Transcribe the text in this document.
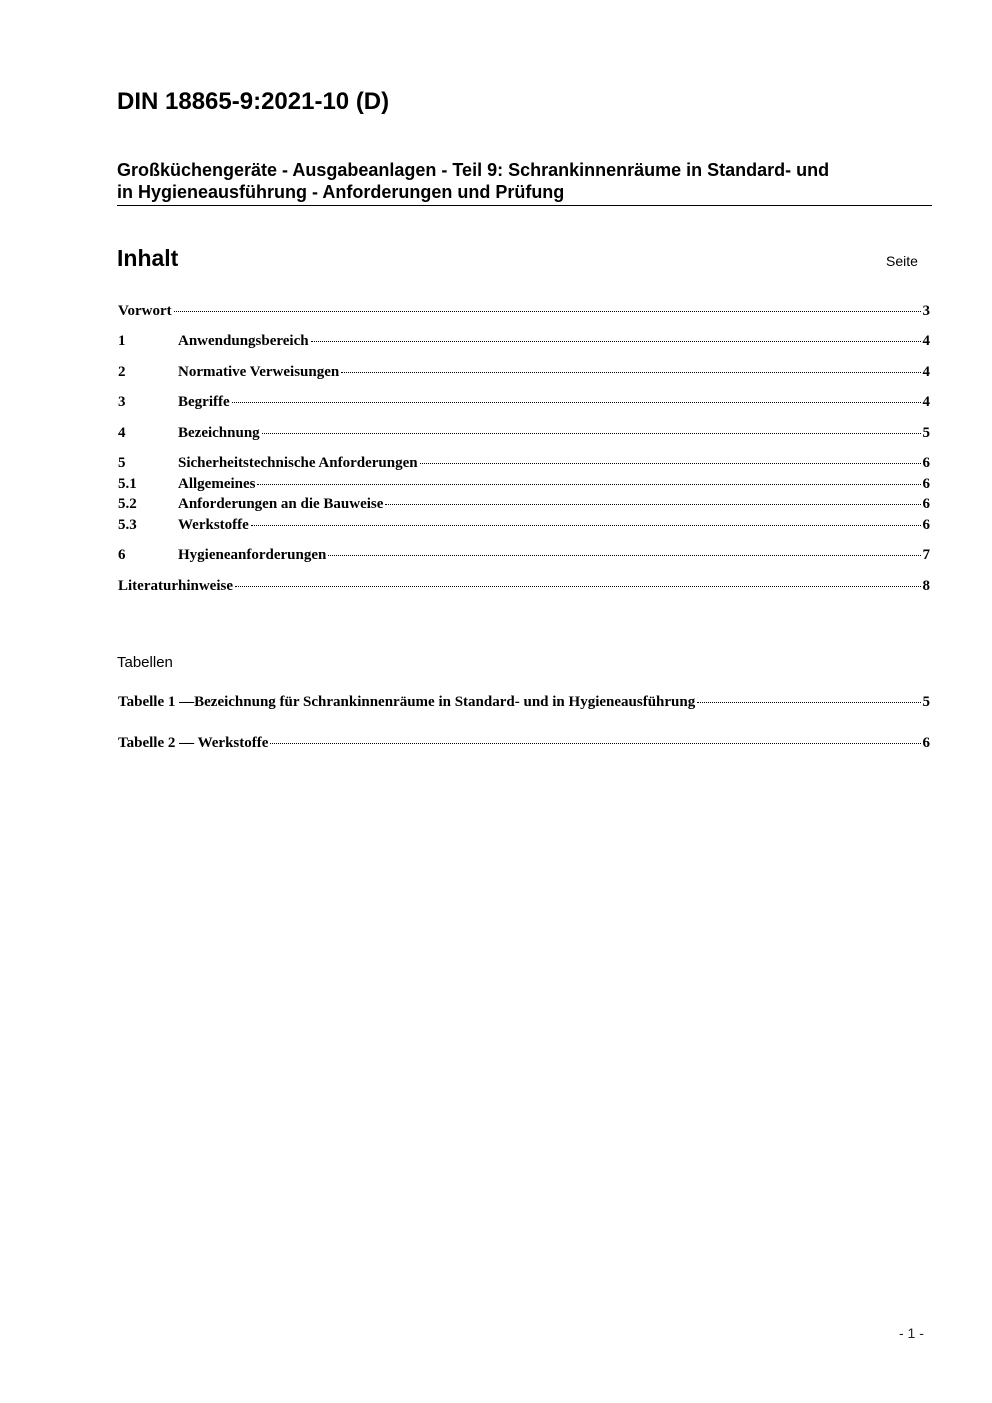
DIN 18865-9:2021-10 (D)
Großküchengeräte - Ausgabeanlagen - Teil 9: Schrankinnenräume in Standard- und
in Hygieneausführung - Anforderungen und Prüfung
Inhalt	Seite
Vorwort	3
1	Anwendungsbereich	4
2	Normative Verweisungen	4
3	Begriffe	4
4	Bezeichnung	5
5	Sicherheitstechnische Anforderungen	6
5.1	Allgemeines	6
5.2	Anforderungen an die Bauweise	6
5.3	Werkstoffe	6
6	Hygieneanforderungen	7
Literaturhinweise	8
Tabellen
Tabelle 1 —Bezeichnung für Schrankinnenräume in Standard- und in Hygieneausführung	5
Tabelle 2 — Werkstoffe	6
- 1 -
